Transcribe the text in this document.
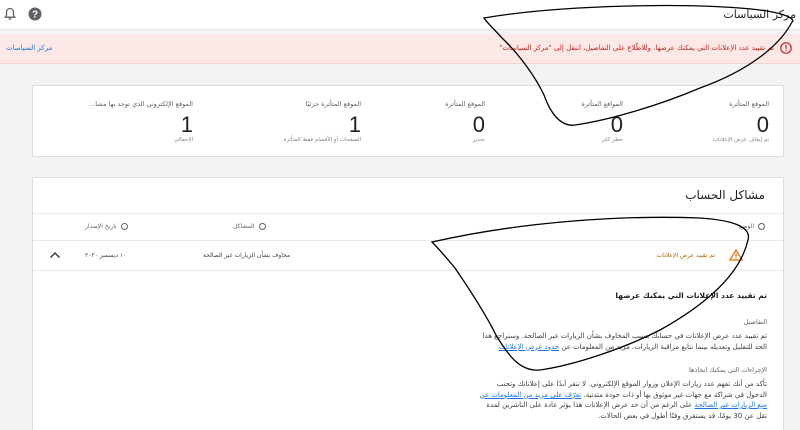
?	مركز السياسات
مركز السياسات	تم تقييد عدد الإعلانات التي يمكنك عرضها. وللاطّلاع على التفاصيل، انتقل إلى "مركز السياسات"
الموقع الإلكتروني الذي توجد بها مشا...
1
الإجمالي
الموقع المتأثرة جزئيًا
1
الصفحات أو الأقسام فقط المتأثرة
الموقع المتأثرة
0
تحذير
المواقع المتأثرة
0
حظر كلي
الموقع المتأثرة
0
تم إيقاف عرض الإعلانات
مشاكل الحساب
تاريخ الإصدار	المشاكل	الوضع
١٠ ديسمبر ٢٠٢٠	مخاوف بشأن الزيارات غير الصالحة	تم تقييد عرض الإعلانات
تم تقييد عدد الإعلانات التي يمكنك عرضها
التفاصيل
تم تقييد عدد عرض الإعلانات في حسابك بسبب المخاوف بشأن الزيارات غير الصالحة. وسنراجع هذا
الحد للتقليل وتعديله بينما نتابع مراقبة الزيارات. مزيد من المعلومات عن حدود عرض الإعلانات
الإجراءات التي يمكنك اتخاذها
تأكد من أنك تفهم عدد زيارات الإعلان وزوار الموقع الإلكتروني. لا تنقر أبدًا على إعلاناتك وتجنب
الدخول في شراكة مع جهات غير موثوق بها أو ذات جودة متدنية. تعرّف على مزيد من المعلومات عن
منع الزيارات غير الصالحة على الرغم من أن حد عرض الإعلانات هذا يؤثر عادة على الناشرين لمدة
تقل عن 30 يومًا، قد يستغرق وقتًا أطول في بعض الحالات.
